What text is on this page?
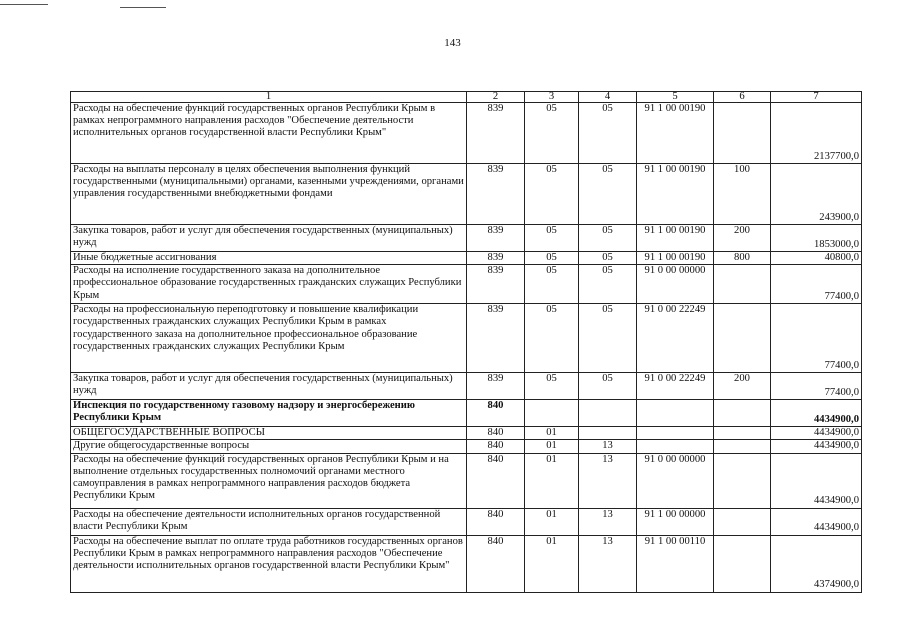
143
1	2	3	4	5	6	7
Расходы на обеспечение функций государственных органов Республики Крым в рамках непрограммного направления расходов "Обеспечение деятельности исполнительных органов государственной власти Республики Крым"	839	05	05	91 1 00 00190		2137700,0
Расходы на выплаты персоналу в целях обеспечения выполнения функций государственными (муниципальными) органами, казенными учреждениями, органами управления государственными внебюджетными фондами	839	05	05	91 1 00 00190	100	243900,0
Закупка товаров, работ и услуг для обеспечения государственных (муниципальных) нужд	839	05	05	91 1 00 00190	200	1853000,0
Иные бюджетные ассигнования	839	05	05	91 1 00 00190	800	40800,0
Расходы на исполнение государственного заказа на дополнительное профессиональное образование государственных гражданских служащих Республики Крым	839	05	05	91 0 00 00000		77400,0
Расходы на профессиональную переподготовку и повышение квалификации государственных гражданских служащих Республики Крым в рамках государственного заказа на дополнительное профессиональное образование государственных гражданских служащих Республики Крым	839	05	05	91 0 00 22249		77400,0
Закупка товаров, работ и услуг для обеспечения государственных (муниципальных) нужд	839	05	05	91 0 00 22249	200	77400,0
Инспекция по государственному газовому надзору и энергосбережению Республики Крым	840					4434900,0
ОБЩЕГОСУДАРСТВЕННЫЕ ВОПРОСЫ	840	01				4434900,0
Другие общегосударственные вопросы	840	01	13			4434900,0
Расходы на обеспечение функций государственных органов Республики Крым и на выполнение отдельных государственных полномочий органами местного самоуправления в рамках непрограммного направления расходов бюджета Республики Крым	840	01	13	91 0 00 00000		4434900,0
Расходы на обеспечение деятельности исполнительных органов государственной власти Республики Крым	840	01	13	91 1 00 00000		4434900,0
Расходы на обеспечение выплат по оплате труда работников государственных органов Республики Крым в рамках непрограммного направления расходов "Обеспечение деятельности исполнительных органов государственной власти Республики Крым"	840	01	13	91 1 00 00110		4374900,0
